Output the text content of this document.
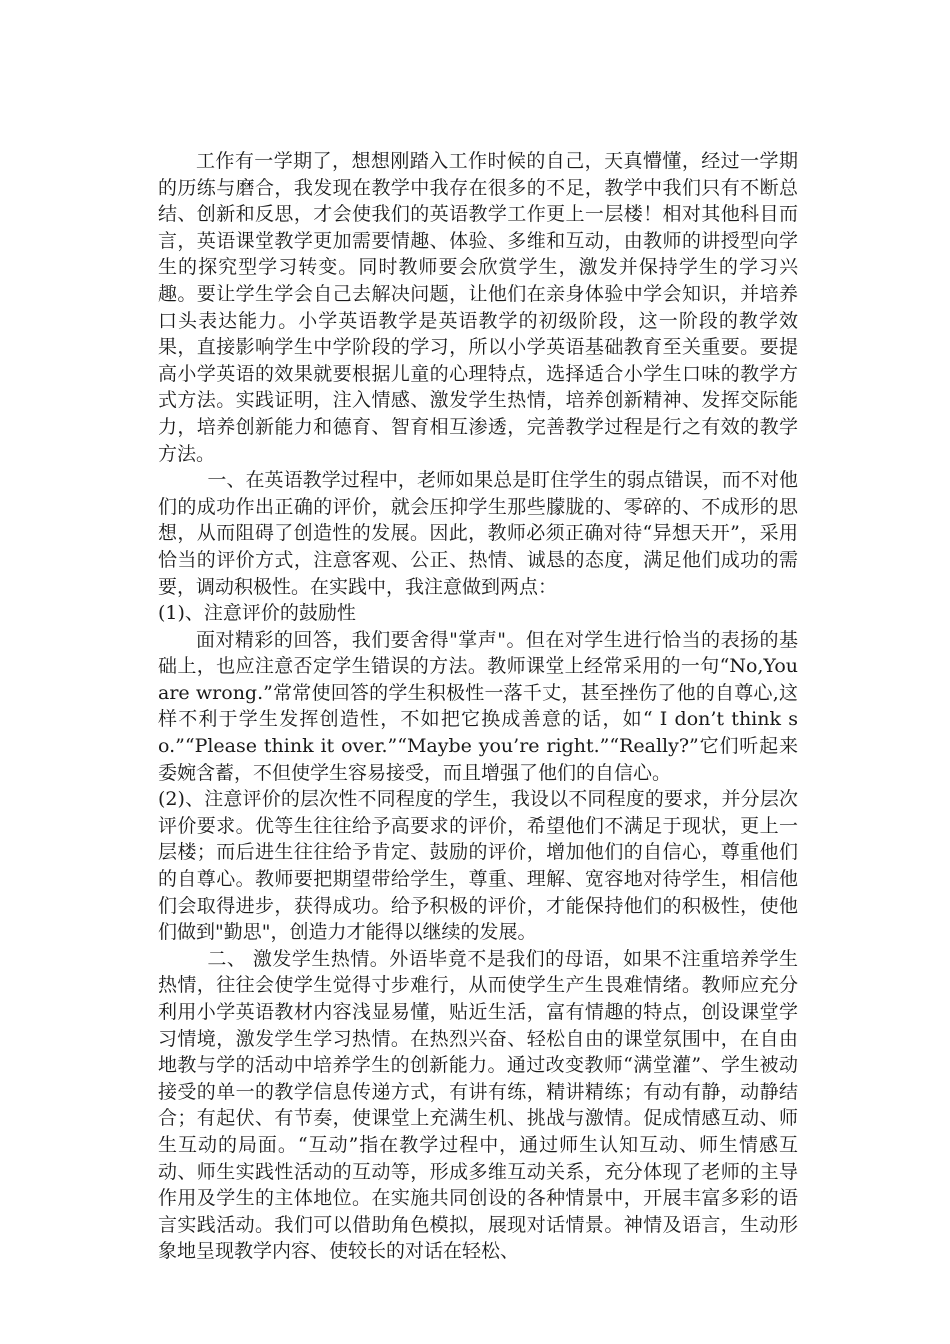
工作有一学期了，想想刚踏入工作时候的自己，天真懵懂，经过一学期的历练与磨合，我发现在教学中我存在很多的不足，教学中我们只有不断总结、创新和反思，才会使我们的英语教学工作更上一层楼！相对其他科目而言，英语课堂教学更加需要情趣、体验、多维和互动，由教师的讲授型向学生的探究型学习转变。同时教师要会欣赏学生，激发并保持学生的学习兴趣。要让学生学会自己去解决问题，让他们在亲身体验中学会知识，并培养口头表达能力。小学英语教学是英语教学的初级阶段，这一阶段的教学效果，直接影响学生中学阶段的学习，所以小学英语基础教育至关重要。要提高小学英语的效果就要根据儿童的心理特点，选择适合小学生口味的教学方式方法。实践证明，注入情感、激发学生热情，培养创新精神、发挥交际能力，培养创新能力和德育、智育相互渗透，完善教学过程是行之有效的教学方法。

一、在英语教学过程中，老师如果总是盯住学生的弱点错误，而不对他们的成功作出正确的评价，就会压抑学生那些朦胧的、零碎的、不成形的思想，从而阻碍了创造性的发展。因此，教师必须正确对待“异想天开”，采用恰当的评价方式，注意客观、公正、热情、诚恳的态度，满足他们成功的需要，调动积极性。在实践中，我注意做到两点：

(1)、注意评价的鼓励性

面对精彩的回答，我们要舍得"掌声"。但在对学生进行恰当的表扬的基础上，也应注意否定学生错误的方法。教师课堂上经常采用的一句“No,You are wrong.”常常使回答的学生积极性一落千丈，甚至挫伤了他的自尊心,这样不利于学生发挥创造性，不如把它换成善意的话，如“ I don’t think so.”“Please think it over.”“Maybe you’re right.”“Really?”它们听起来委婉含蓄，不但使学生容易接受，而且增强了他们的自信心。

(2)、注意评价的层次性不同程度的学生，我设以不同程度的要求，并分层次评价要求。优等生往往给予高要求的评价，希望他们不满足于现状，更上一层楼；而后进生往往给予肯定、鼓励的评价，增加他们的自信心，尊重他们的自尊心。教师要把期望带给学生，尊重、理解、宽容地对待学生，相信他们会取得进步，获得成功。给予积极的评价，才能保持他们的积极性，使他们做到"勤思"，创造力才能得以继续的发展。

二、 激发学生热情。外语毕竟不是我们的母语，如果不注重培养学生热情，往往会使学生觉得寸步难行，从而使学生产生畏难情绪。教师应充分利用小学英语教材内容浅显易懂，贴近生活，富有情趣的特点，创设课堂学习情境，激发学生学习热情。在热烈兴奋、轻松自由的课堂氛围中，在自由地教与学的活动中培养学生的创新能力。通过改变教师“满堂灌”、学生被动接受的单一的教学信息传递方式，有讲有练，精讲精练；有动有静，动静结合；有起伏、有节奏，使课堂上充满生机、挑战与激情。促成情感互动、师生互动的局面。“互动”指在教学过程中，通过师生认知互动、师生情感互动、师生实践性活动的互动等，形成多维互动关系，充分体现了老师的主导作用及学生的主体地位。在实施共同创设的各种情景中，开展丰富多彩的语言实践活动。我们可以借助角色模拟，展现对话情景。神情及语言，生动形象地呈现教学内容、使较长的对话在轻松、
